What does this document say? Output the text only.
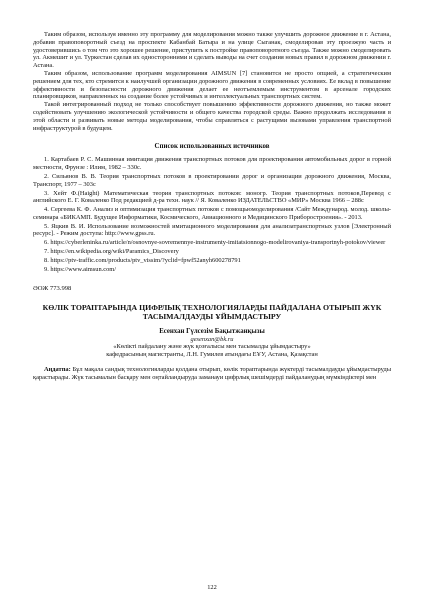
Таким образом, используя именно эту программу для моделирования можно также улучшить дорожное движение в г. Астана, добавив правоповоротный съезд на проспекте Кабанбай Батыра и на улице Сыганак, смоделировав эту проезжую часть и удостоверившись о том что это хорошее решение, приступить к постройке правоповоротного съезда. Также можно смоделировать ул. Акмешит и ул. Туркестан сделав их односторонними и сделать выводы на счет создания новых правил в дорожном движении г. Астана.

Таким образом, использование программ моделирования AIMSUN [7] становится не просто опцией, а стратегическим решением для тех, кто стремится к наилучшей организации дорожного движения в современных условиях. Ее вклад в повышение эффективности и безопасности дорожного движения делает ее неотъемлемым инструментом в арсенале городских планировщиков, направленных на создание более устойчивых и интеллектуальных транспортных систем.

Такой интегрированный подход не только способствует повышению эффективности дорожного движения, но также может содействовать улучшению экологической устойчивости и общего качества городской среды. Важно продолжать исследования в этой области и развивать новые методы моделирования, чтобы справляться с растущими вызовами управления транспортной инфраструктурой в будущем.

Список использованных источников

1. Картабаев Р. С. Машинная имитация движения транспортных потоков для проектирования автомобильных дорог в горной местности, Фрунзе : Илим, 1982 – 330с.

2. Сильянов В. В. Теория транспортных потоков в проектировании дорог и организации дорожного движения, Москва, Транспорт, 1977 – 303с

3. Хейт Ф.(Haight) Математическая теория транспортных потоков: моногр. Теория транспортных потоков,Перевод с английского Е. Г. Коваленко Под редакцией д-ра техн. наук // Я. Коваленко ИЗДАТЕЛЬСТВО «МИР» Москва 1966 – 288с

4. Сергеева К. Ф. Анализ и оптимизация транспортных потоков с помощьюмоделирования /Сайт Международ. молод. школы-семинара «БИКАМП. Будущее Информатики, Космического, Авиационного и Медицинского Приборостроения». - 2013.

5. Яцкив В. И. Использование возможностей имитационного моделирования для анализатранспортных узлов [Электронный ресурс]. - Режим доступа: http://www.gpss.ru.

6. https://cyberleninka.ru/article/n/osnovnye-sovremennye-instrumenty-imitatsionnogo-modelirovaniya-transportnyh-potokov/viewer

7. https://en.wikipedia.org/wiki/Paramics_Discovery

8. https://ptv-traffic.com/products/ptv_vissim/?yclid=fpwf52anyh600278791

9. https://www.aimsun.com/

ӘОЖ 773.998

КӨЛІК ТОРАПТАРЫНДА ЦИФРЛЫҚ ТЕХНОЛОГИЯЛАРДЫ ПАЙДАЛАНА ОТЫРЫП ЖҮК ТАСЫМАЛДАУДЫ ҰЙЫМДАСТЫРУ

Есенхан Гүлсезім Бақытжанқызы

gesenxan@bk.ru

«Көлікті пайдалану және жүк қозғалысы мен тасымалды ұйымдастыру»

кафедрасының магистранты, Л.Н. Гумилев атындағы ЕҰУ, Астана, Қазақстан

Аңдатпа: Бұл мақала сандық технологияларды қолдана отырып, көлік тораптарында жүктерді тасымалдауды ұйымдастыруды қарастырады. Жүк тасымалын басқару мен оңтайландыруда заманауи цифрлық шешімдерді пайдаланудың мүмкіндіктері мен

122
